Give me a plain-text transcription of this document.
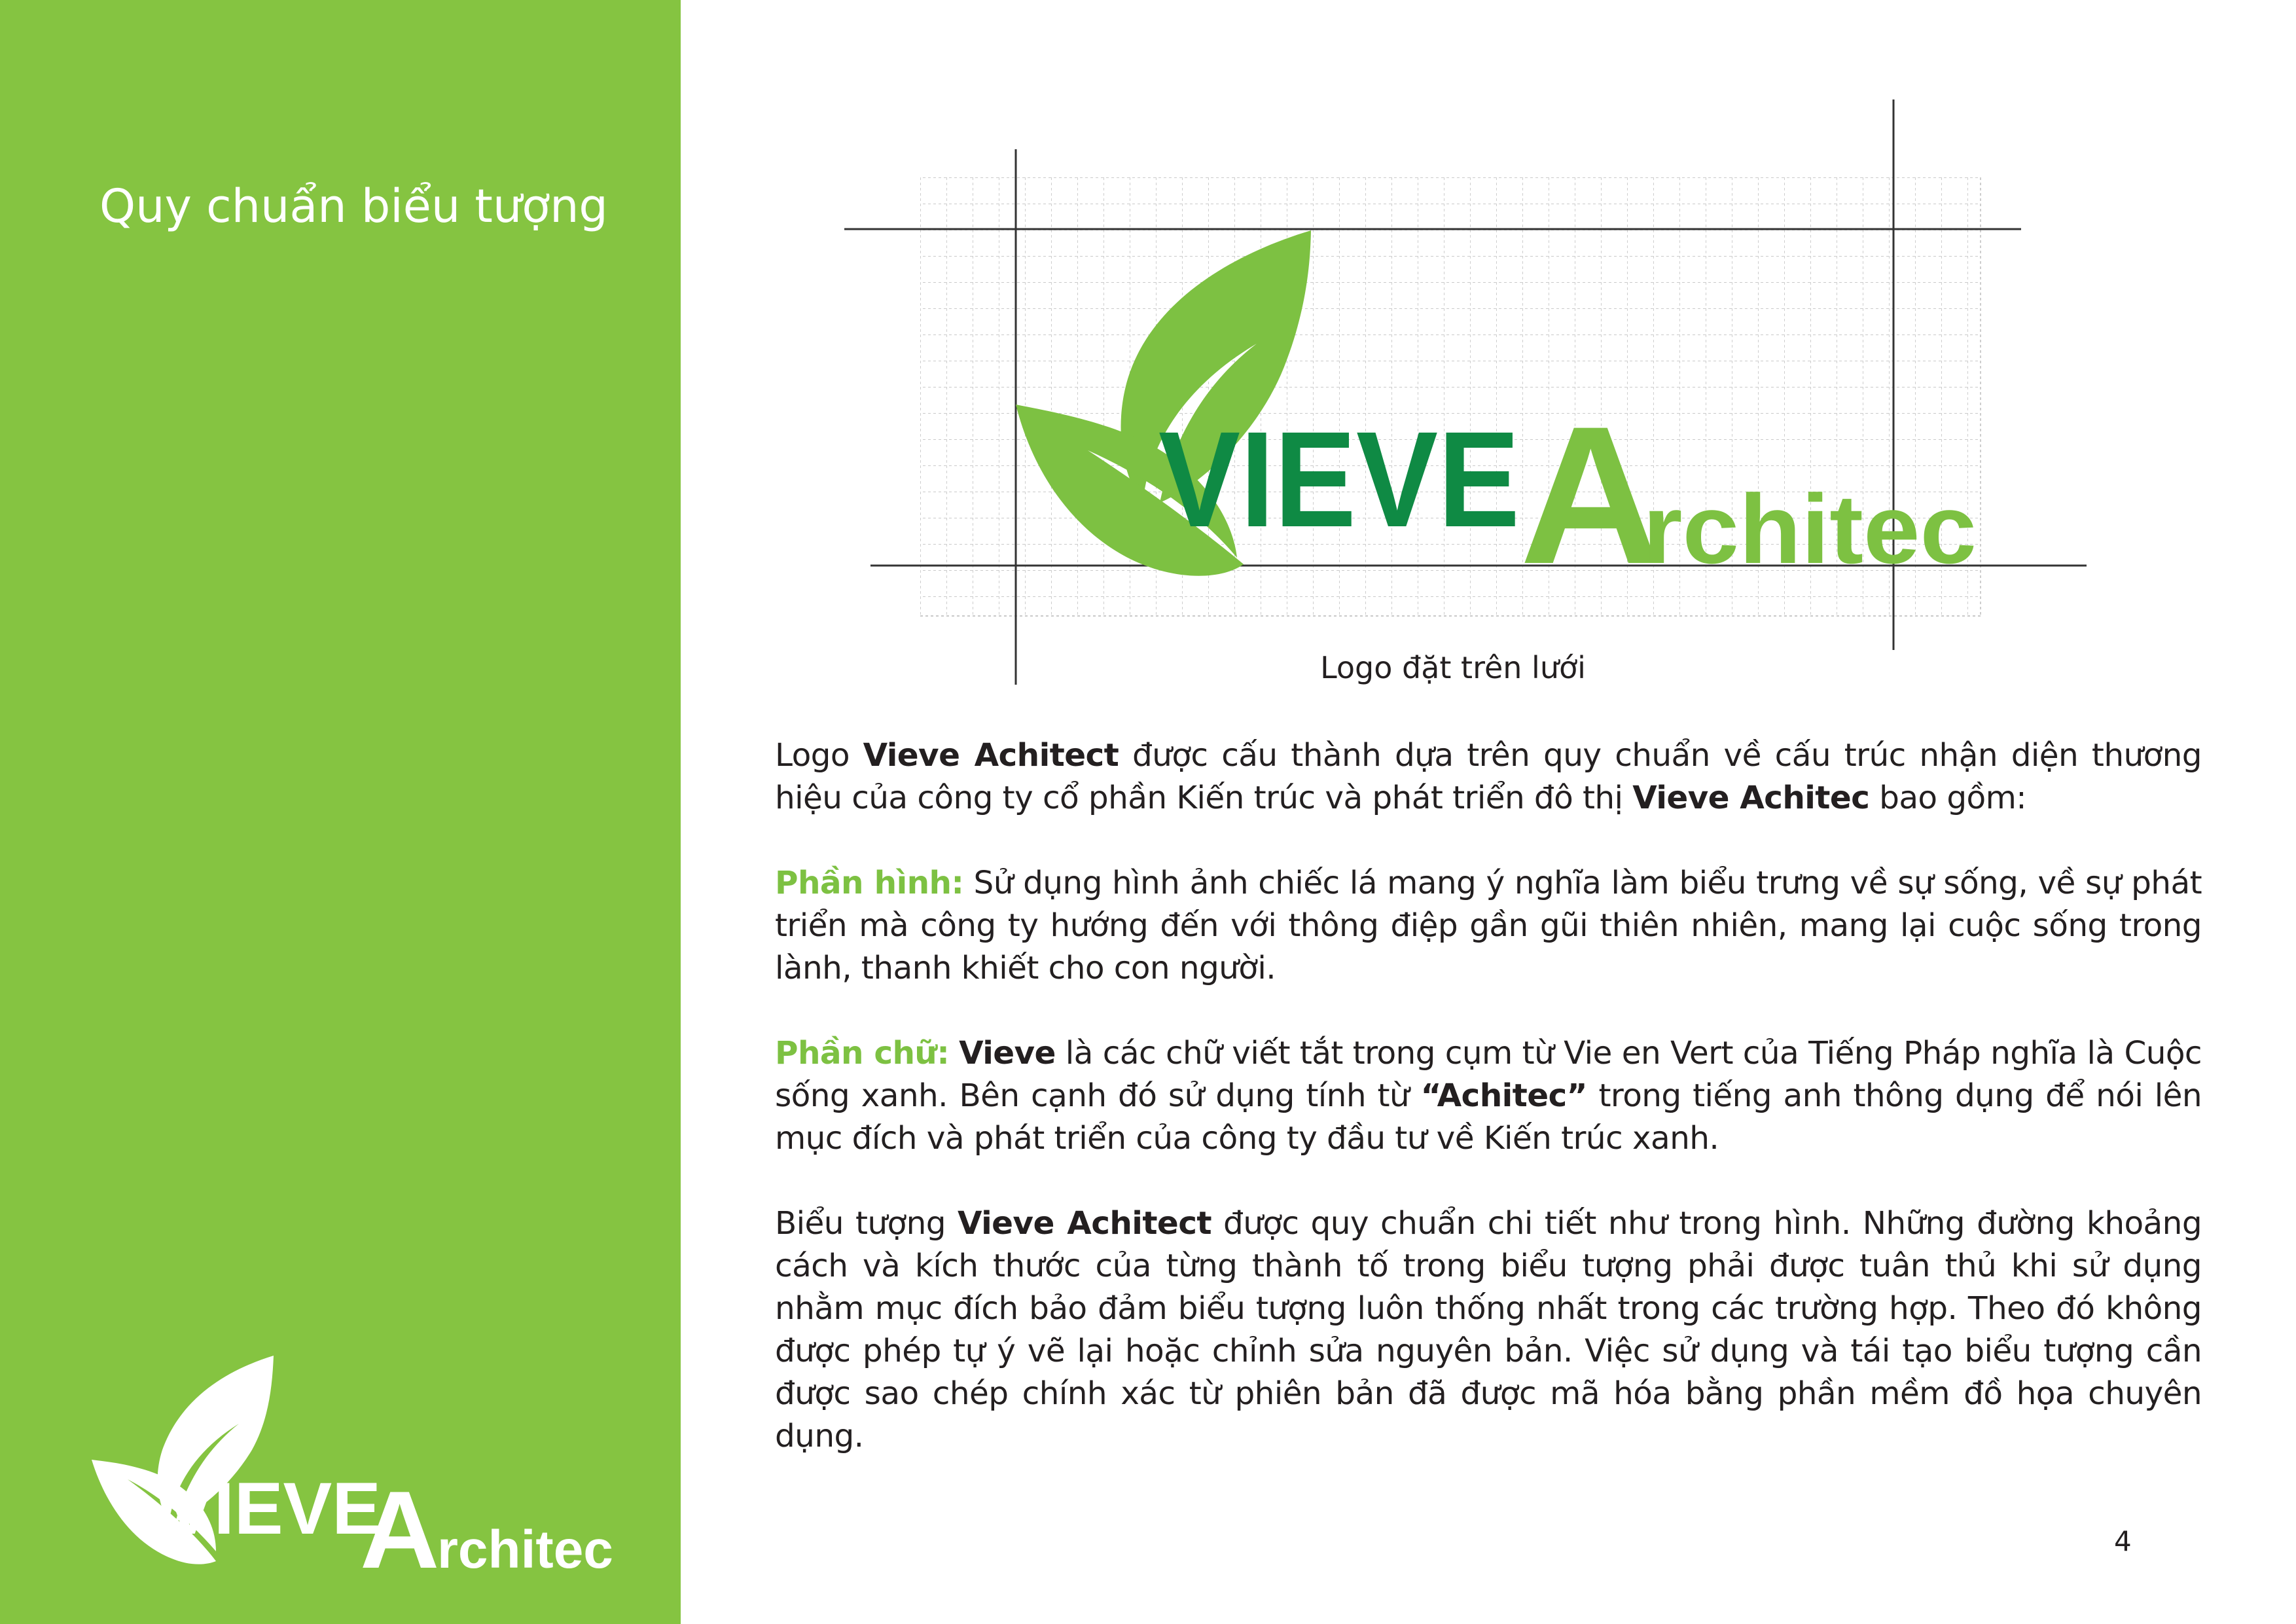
Quy chuẩn biểu tượng
VIEVE
A
rchitec
VIEVE A
rchitec

Logo đặt trên lưới

Logo Vieve Achitect được cấu thành dựa trên quy chuẩn về cấu trúc nhận diện thương hiệu của công ty cổ phần Kiến trúc và phát triển đô thị Vieve Achitec bao gồm:

Phần hình: Sử dụng hình ảnh chiếc lá mang ý nghĩa làm biểu trưng về sự sống, về sự phát triển mà công ty hướng đến với thông điệp gần gũi thiên nhiên, mang lại cuộc sống trong lành, thanh khiết cho con người.

Phần chữ: Vieve là các chữ viết tắt trong cụm từ Vie en Vert của Tiếng Pháp nghĩa là Cuộc sống xanh. Bên cạnh đó sử dụng tính từ “Achitec” trong tiếng anh thông dụng để nói lên mục đích và phát triển của công ty đầu tư về Kiến trúc xanh.

Biểu tượng Vieve Achitect được quy chuẩn chi tiết như trong hình. Những đường khoảng cách và kích thước của từng thành tố trong biểu tượng phải được tuân thủ khi sử dụng nhằm mục đích bảo đảm biểu tượng luôn thống nhất trong các trường hợp. Theo đó không được phép tự ý vẽ lại hoặc chỉnh sửa nguyên bản. Việc sử dụng và tái tạo biểu tượng cần được sao chép chính xác từ phiên bản đã được mã hóa bằng phần mềm đồ họa chuyên dụng.

4
